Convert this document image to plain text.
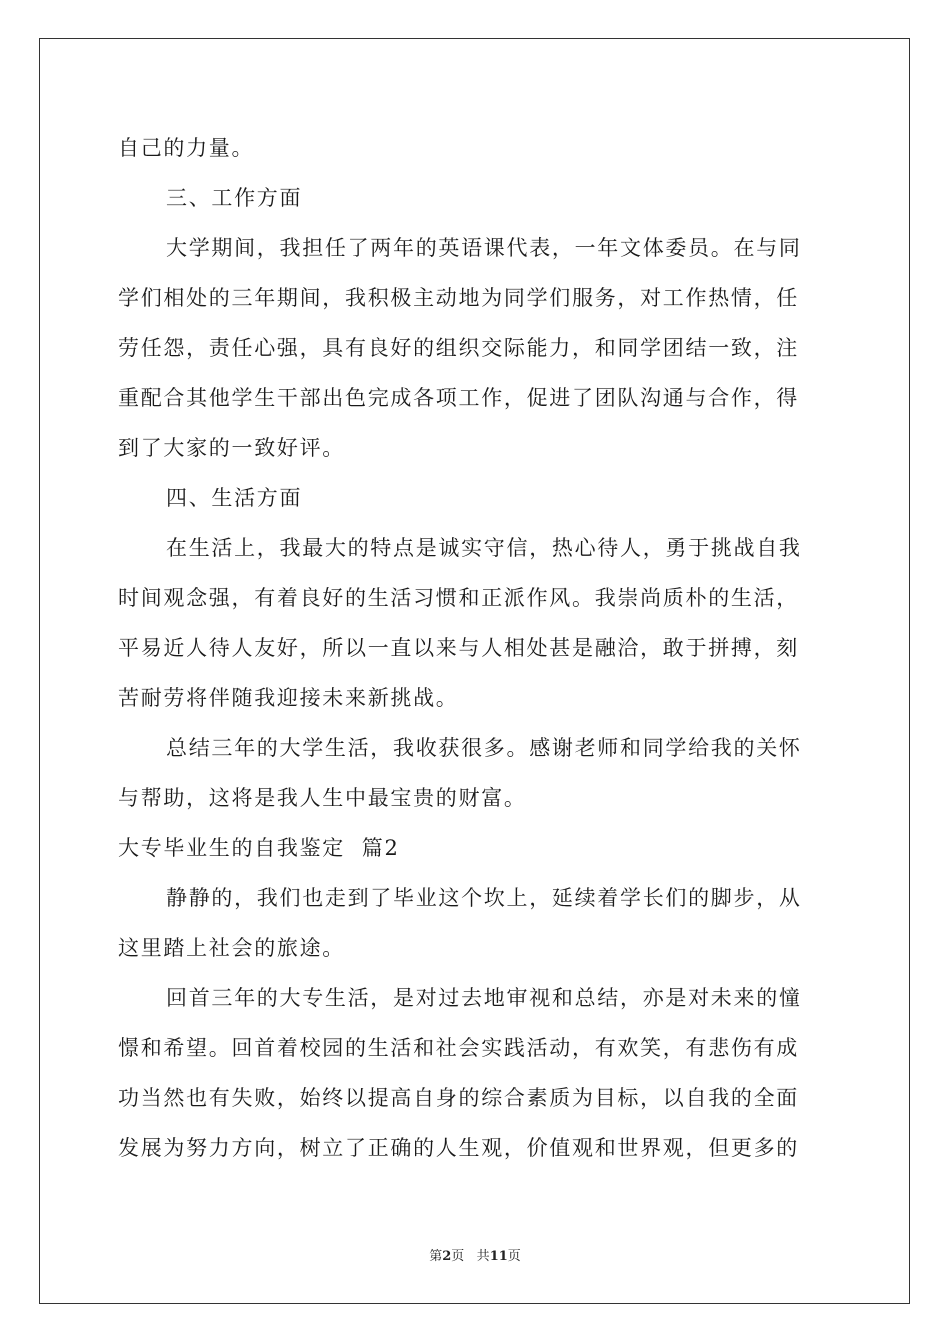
自己的力量。
三、工作方面
大学期间，我担任了两年的英语课代表，一年文体委员。在与同
学们相处的三年期间，我积极主动地为同学们服务，对工作热情，任
劳任怨，责任心强，具有良好的组织交际能力，和同学团结一致，注
重配合其他学生干部出色完成各项工作，促进了团队沟通与合作，得
到了大家的一致好评。
四、生活方面
在生活上，我最大的特点是诚实守信，热心待人，勇于挑战自我
时间观念强，有着良好的生活习惯和正派作风。我崇尚质朴的生活，
平易近人待人友好，所以一直以来与人相处甚是融洽，敢于拼搏，刻
苦耐劳将伴随我迎接未来新挑战。
总结三年的大学生活，我收获很多。感谢老师和同学给我的关怀
与帮助，这将是我人生中最宝贵的财富。
大专毕业生的自我鉴定  篇2
静静的，我们也走到了毕业这个坎上，延续着学长们的脚步，从
这里踏上社会的旅途。
回首三年的大专生活，是对过去地审视和总结，亦是对未来的憧
憬和希望。回首着校园的生活和社会实践活动，有欢笑，有悲伤有成
功当然也有失败，始终以提高自身的综合素质为目标，以自我的全面
发展为努力方向，树立了正确的人生观，价值观和世界观，但更多的
第2页 共11页
